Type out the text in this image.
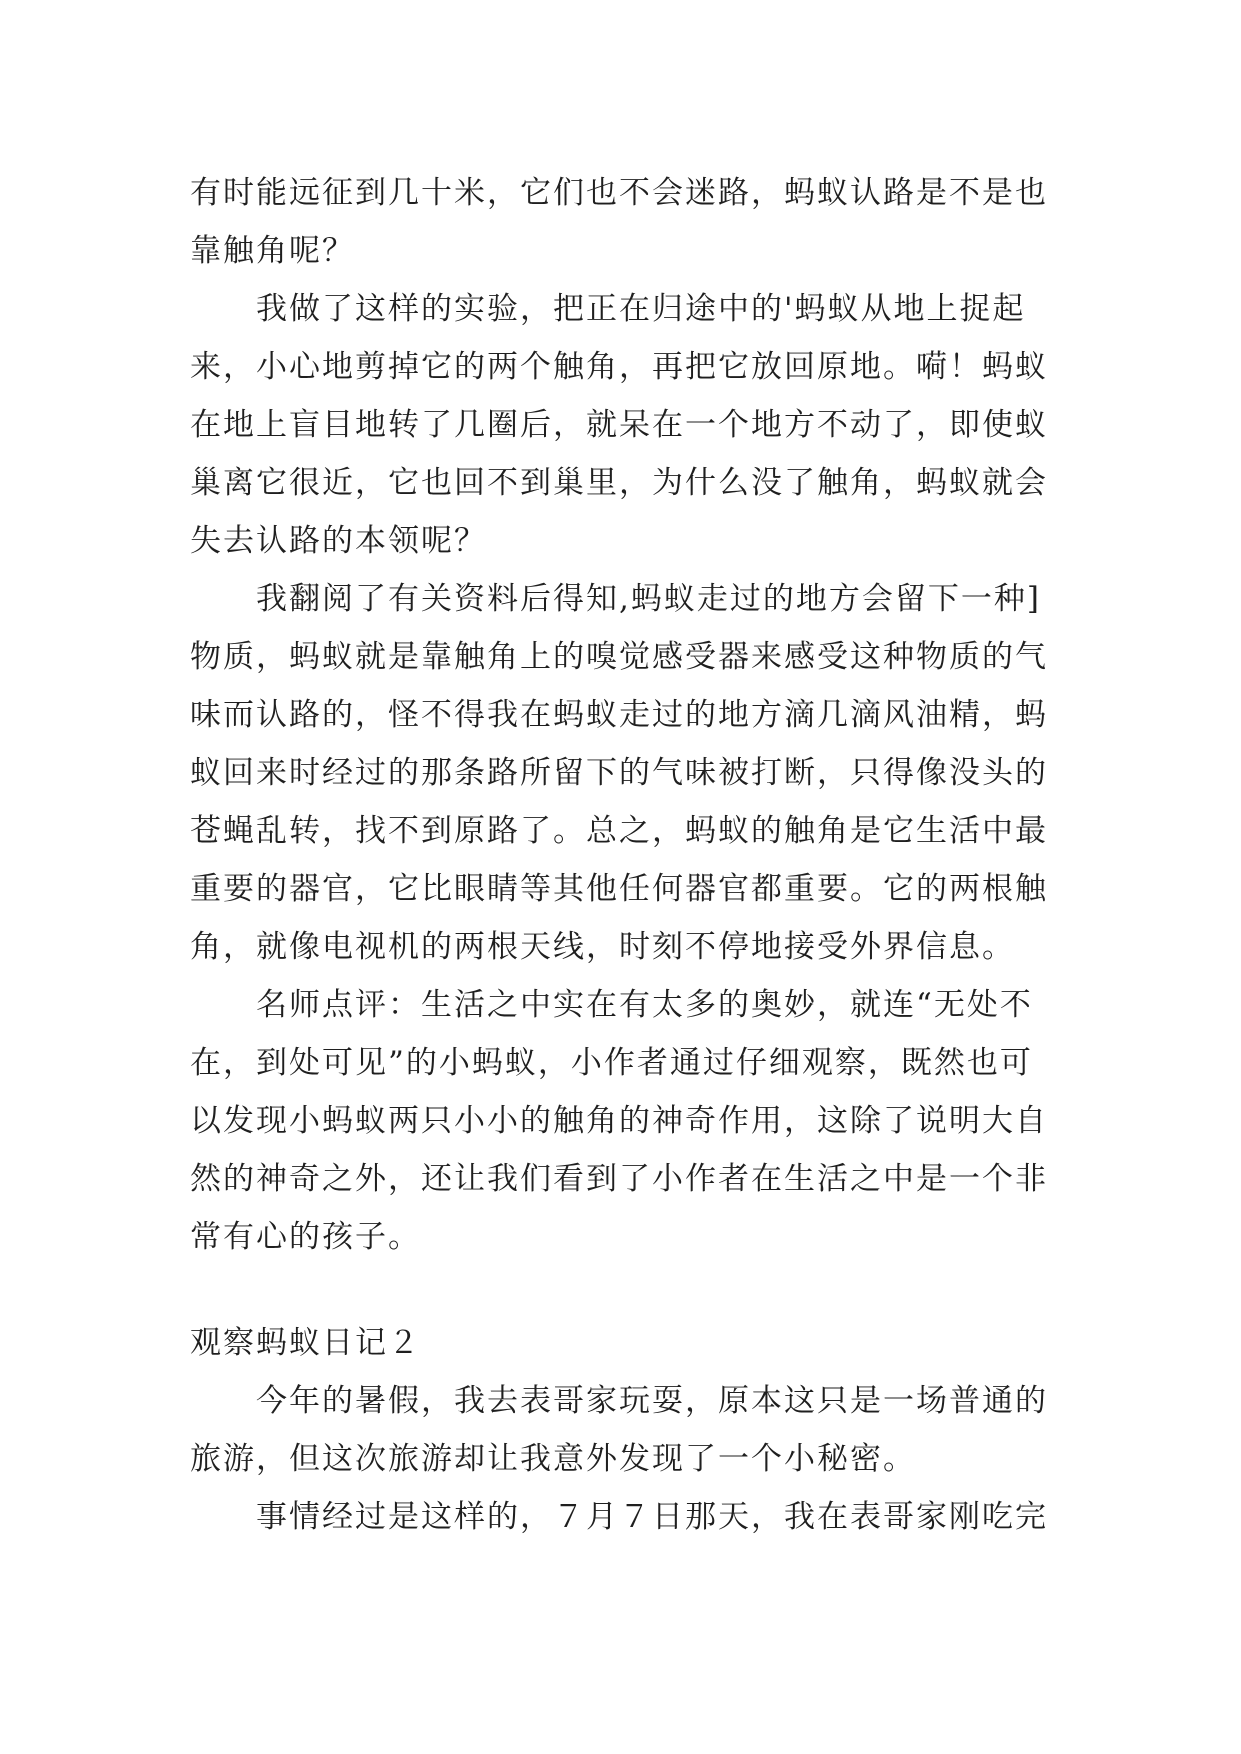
有时能远征到几十米，它们也不会迷路，蚂蚁认路是不是也
靠触角呢？

我做了这样的实验，把正在归途中的'蚂蚁从地上捉起
来，小心地剪掉它的两个触角，再把它放回原地。嗬！蚂蚁
在地上盲目地转了几圈后，就呆在一个地方不动了，即使蚁
巢离它很近，它也回不到巢里，为什么没了触角，蚂蚁就会
失去认路的本领呢？

我翻阅了有关资料后得知,蚂蚁走过的地方会留下一种]
物质，蚂蚁就是靠触角上的嗅觉感受器来感受这种物质的气
味而认路的，怪不得我在蚂蚁走过的地方滴几滴风油精，蚂
蚁回来时经过的那条路所留下的气味被打断，只得像没头的
苍蝇乱转，找不到原路了。总之，蚂蚁的触角是它生活中最
重要的器官，它比眼睛等其他任何器官都重要。它的两根触
角，就像电视机的两根天线，时刻不停地接受外界信息。

名师点评：生活之中实在有太多的奥妙，就连“无处不
在，到处可见”的小蚂蚁，小作者通过仔细观察，既然也可
以发现小蚂蚁两只小小的触角的神奇作用，这除了说明大自
然的神奇之外，还让我们看到了小作者在生活之中是一个非
常有心的孩子。

观察蚂蚁日记２

今年的暑假，我去表哥家玩耍，原本这只是一场普通的
旅游，但这次旅游却让我意外发现了一个小秘密。

事情经过是这样的，７月７日那天，我在表哥家刚吃完
